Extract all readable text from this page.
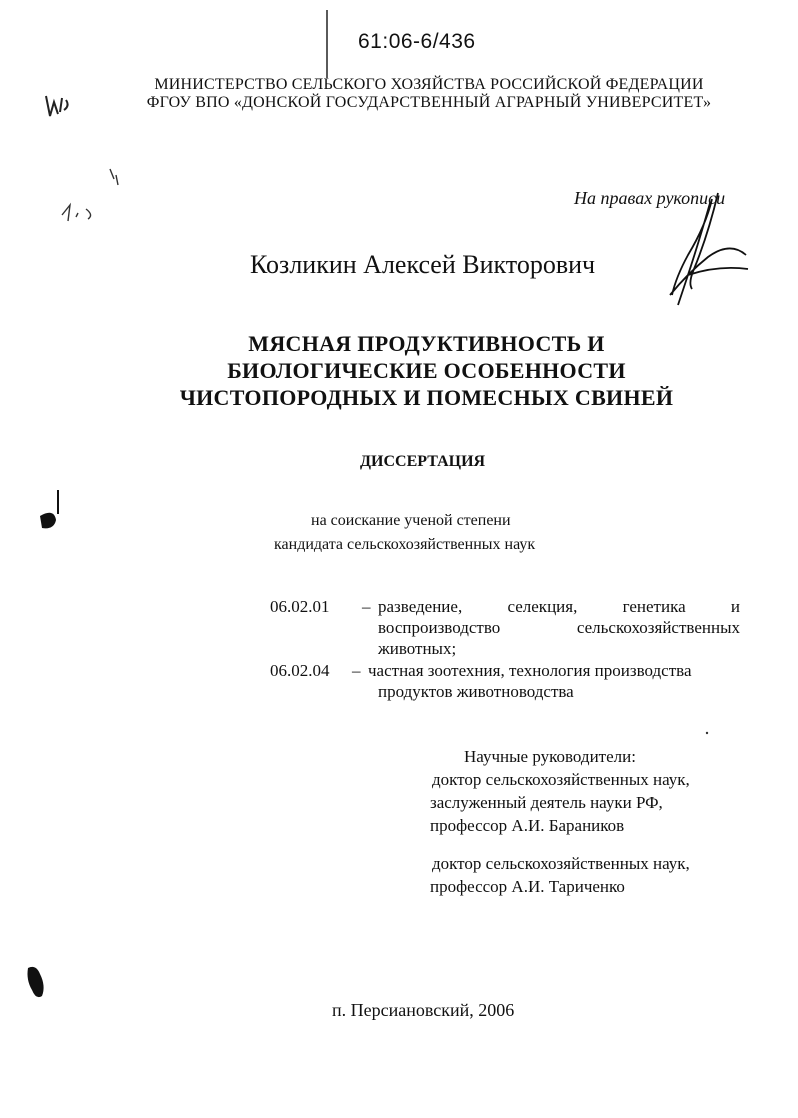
61:06-6/436
МИНИСТЕРСТВО СЕЛЬСКОГО ХОЗЯЙСТВА РОССИЙСКОЙ ФЕДЕРАЦИИ
ФГОУ ВПО «ДОНСКОЙ ГОСУДАРСТВЕННЫЙ АГРАРНЫЙ УНИВЕРСИТЕТ»
На правах рукописи
Козликин Алексей Викторович
МЯСНАЯ ПРОДУКТИВНОСТЬ И
БИОЛОГИЧЕСКИЕ ОСОБЕННОСТИ
ЧИСТОПОРОДНЫХ И ПОМЕСНЫХ СВИНЕЙ
ДИССЕРТАЦИЯ
на соискание ученой степени
кандидата сельскохозяйственных наук
06.02.01 – разведение, селекция, генетика и воспроизводство сельскохозяйственных животных;
06.02.04 – частная зоотехния, технология производства
продуктов животноводства
Научные руководители:
доктор сельскохозяйственных наук,
заслуженный деятель науки РФ,
профессор А.И. Бараников
доктор сельскохозяйственных наук,
профессор А.И. Тариченко
п. Персиановский, 2006
